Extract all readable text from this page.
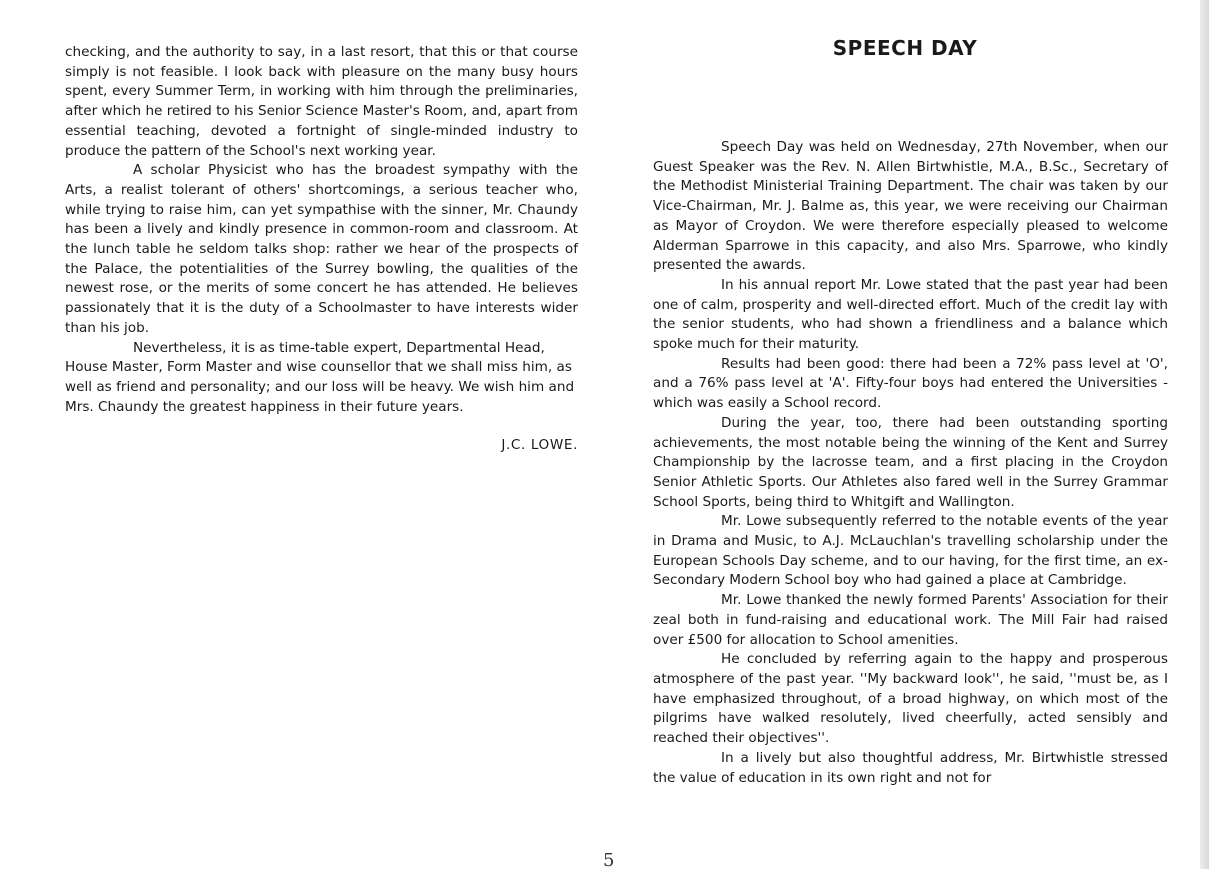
checking, and the authority to say, in a last resort, that this or that course simply is not feasible. I look back with pleasure on the many busy hours spent, every Summer Term, in working with him through the preliminaries, after which he retired to his Senior Science Master's Room, and, apart from essential teaching, devoted a fortnight of single-minded industry to produce the pattern of the School's next working year.

A scholar Physicist who has the broadest sympathy with the Arts, a realist tolerant of others' shortcomings, a serious teacher who, while trying to raise him, can yet sympathise with the sinner, Mr. Chaundy has been a lively and kindly presence in common-room and classroom. At the lunch table he seldom talks shop: rather we hear of the prospects of the Palace, the potentialities of the Surrey bowling, the qualities of the newest rose, or the merits of some concert he has attended. He believes passionately that it is the duty of a Schoolmaster to have interests wider than his job.

Nevertheless, it is as time-table expert, Departmental Head, House Master, Form Master and wise counsellor that we shall miss him, as well as friend and personality; and our loss will be heavy. We wish him and Mrs. Chaundy the greatest happiness in their future years.

J.C. LOWE.
SPEECH DAY

Speech Day was held on Wednesday, 27th November, when our Guest Speaker was the Rev. N. Allen Birtwhistle, M.A., B.Sc., Secretary of the Methodist Ministerial Training Department. The chair was taken by our Vice-Chairman, Mr. J. Balme as, this year, we were receiving our Chairman as Mayor of Croydon. We were therefore especially pleased to welcome Alderman Sparrowe in this capacity, and also Mrs. Sparrowe, who kindly presented the awards.

In his annual report Mr. Lowe stated that the past year had been one of calm, prosperity and well-directed effort. Much of the credit lay with the senior students, who had shown a friendliness and a balance which spoke much for their maturity.

Results had been good: there had been a 72% pass level at 'O', and a 76% pass level at 'A'. Fifty-four boys had entered the Universities - which was easily a School record.

During the year, too, there had been outstanding sporting achievements, the most notable being the winning of the Kent and Surrey Championship by the lacrosse team, and a first placing in the Croydon Senior Athletic Sports. Our Athletes also fared well in the Surrey Grammar School Sports, being third to Whitgift and Wallington.

Mr. Lowe subsequently referred to the notable events of the year in Drama and Music, to A.J. McLauchlan's travelling scholarship under the European Schools Day scheme, and to our having, for the first time, an ex-Secondary Modern School boy who had gained a place at Cambridge.

Mr. Lowe thanked the newly formed Parents' Association for their zeal both in fund-raising and educational work. The Mill Fair had raised over £500 for allocation to School amenities.

He concluded by referring again to the happy and prosperous atmosphere of the past year. ''My backward look'', he said, ''must be, as I have emphasized throughout, of a broad highway, on which most of the pilgrims have walked resolutely, lived cheerfully, acted sensibly and reached their objectives''.

In a lively but also thoughtful address, Mr. Birtwhistle stressed the value of education in its own right and not for

5
